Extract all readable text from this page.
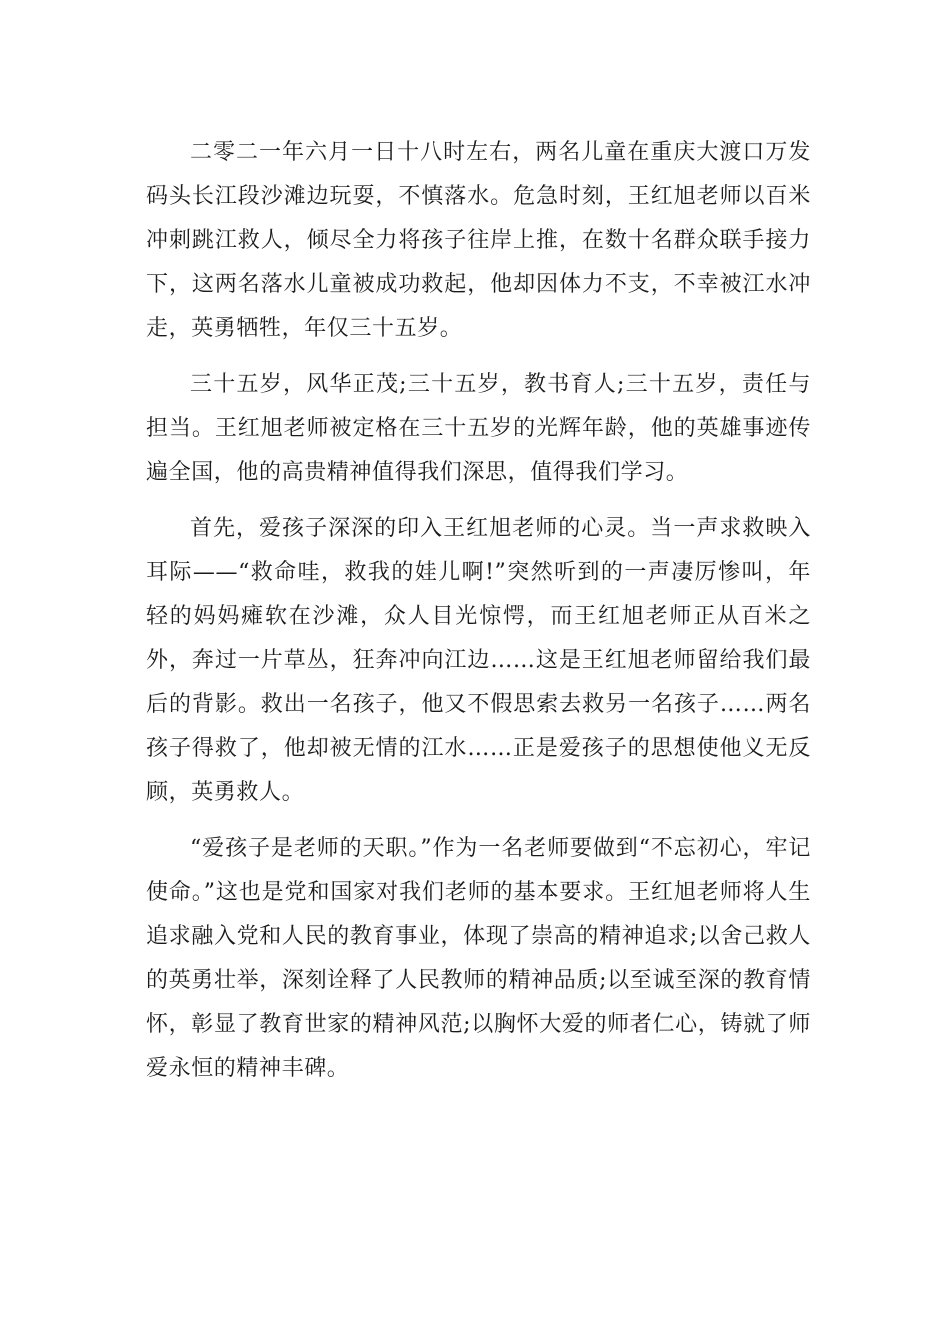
二零二一年六月一日十八时左右，两名儿童在重庆大渡口万发码头长江段沙滩边玩耍，不慎落水。危急时刻，王红旭老师以百米冲刺跳江救人，倾尽全力将孩子往岸上推，在数十名群众联手接力下，这两名落水儿童被成功救起，他却因体力不支，不幸被江水冲走，英勇牺牲，年仅三十五岁。

三十五岁，风华正茂;三十五岁，教书育人;三十五岁，责任与担当。王红旭老师被定格在三十五岁的光辉年龄，他的英雄事迹传遍全国，他的高贵精神值得我们深思，值得我们学习。

首先，爱孩子深深的印入王红旭老师的心灵。当一声求救映入耳际——“救命哇，救我的娃儿啊!”突然听到的一声凄厉惨叫，年轻的妈妈瘫软在沙滩，众人目光惊愕，而王红旭老师正从百米之外，奔过一片草丛，狂奔冲向江边……这是王红旭老师留给我们最后的背影。救出一名孩子，他又不假思索去救另一名孩子……两名孩子得救了，他却被无情的江水……正是爱孩子的思想使他义无反顾，英勇救人。

“爱孩子是老师的天职。”作为一名老师要做到“不忘初心，牢记使命。”这也是党和国家对我们老师的基本要求。王红旭老师将人生追求融入党和人民的教育事业，体现了崇高的精神追求;以舍己救人的英勇壮举，深刻诠释了人民教师的精神品质;以至诚至深的教育情怀，彰显了教育世家的精神风范;以胸怀大爱的师者仁心，铸就了师爱永恒的精神丰碑。
